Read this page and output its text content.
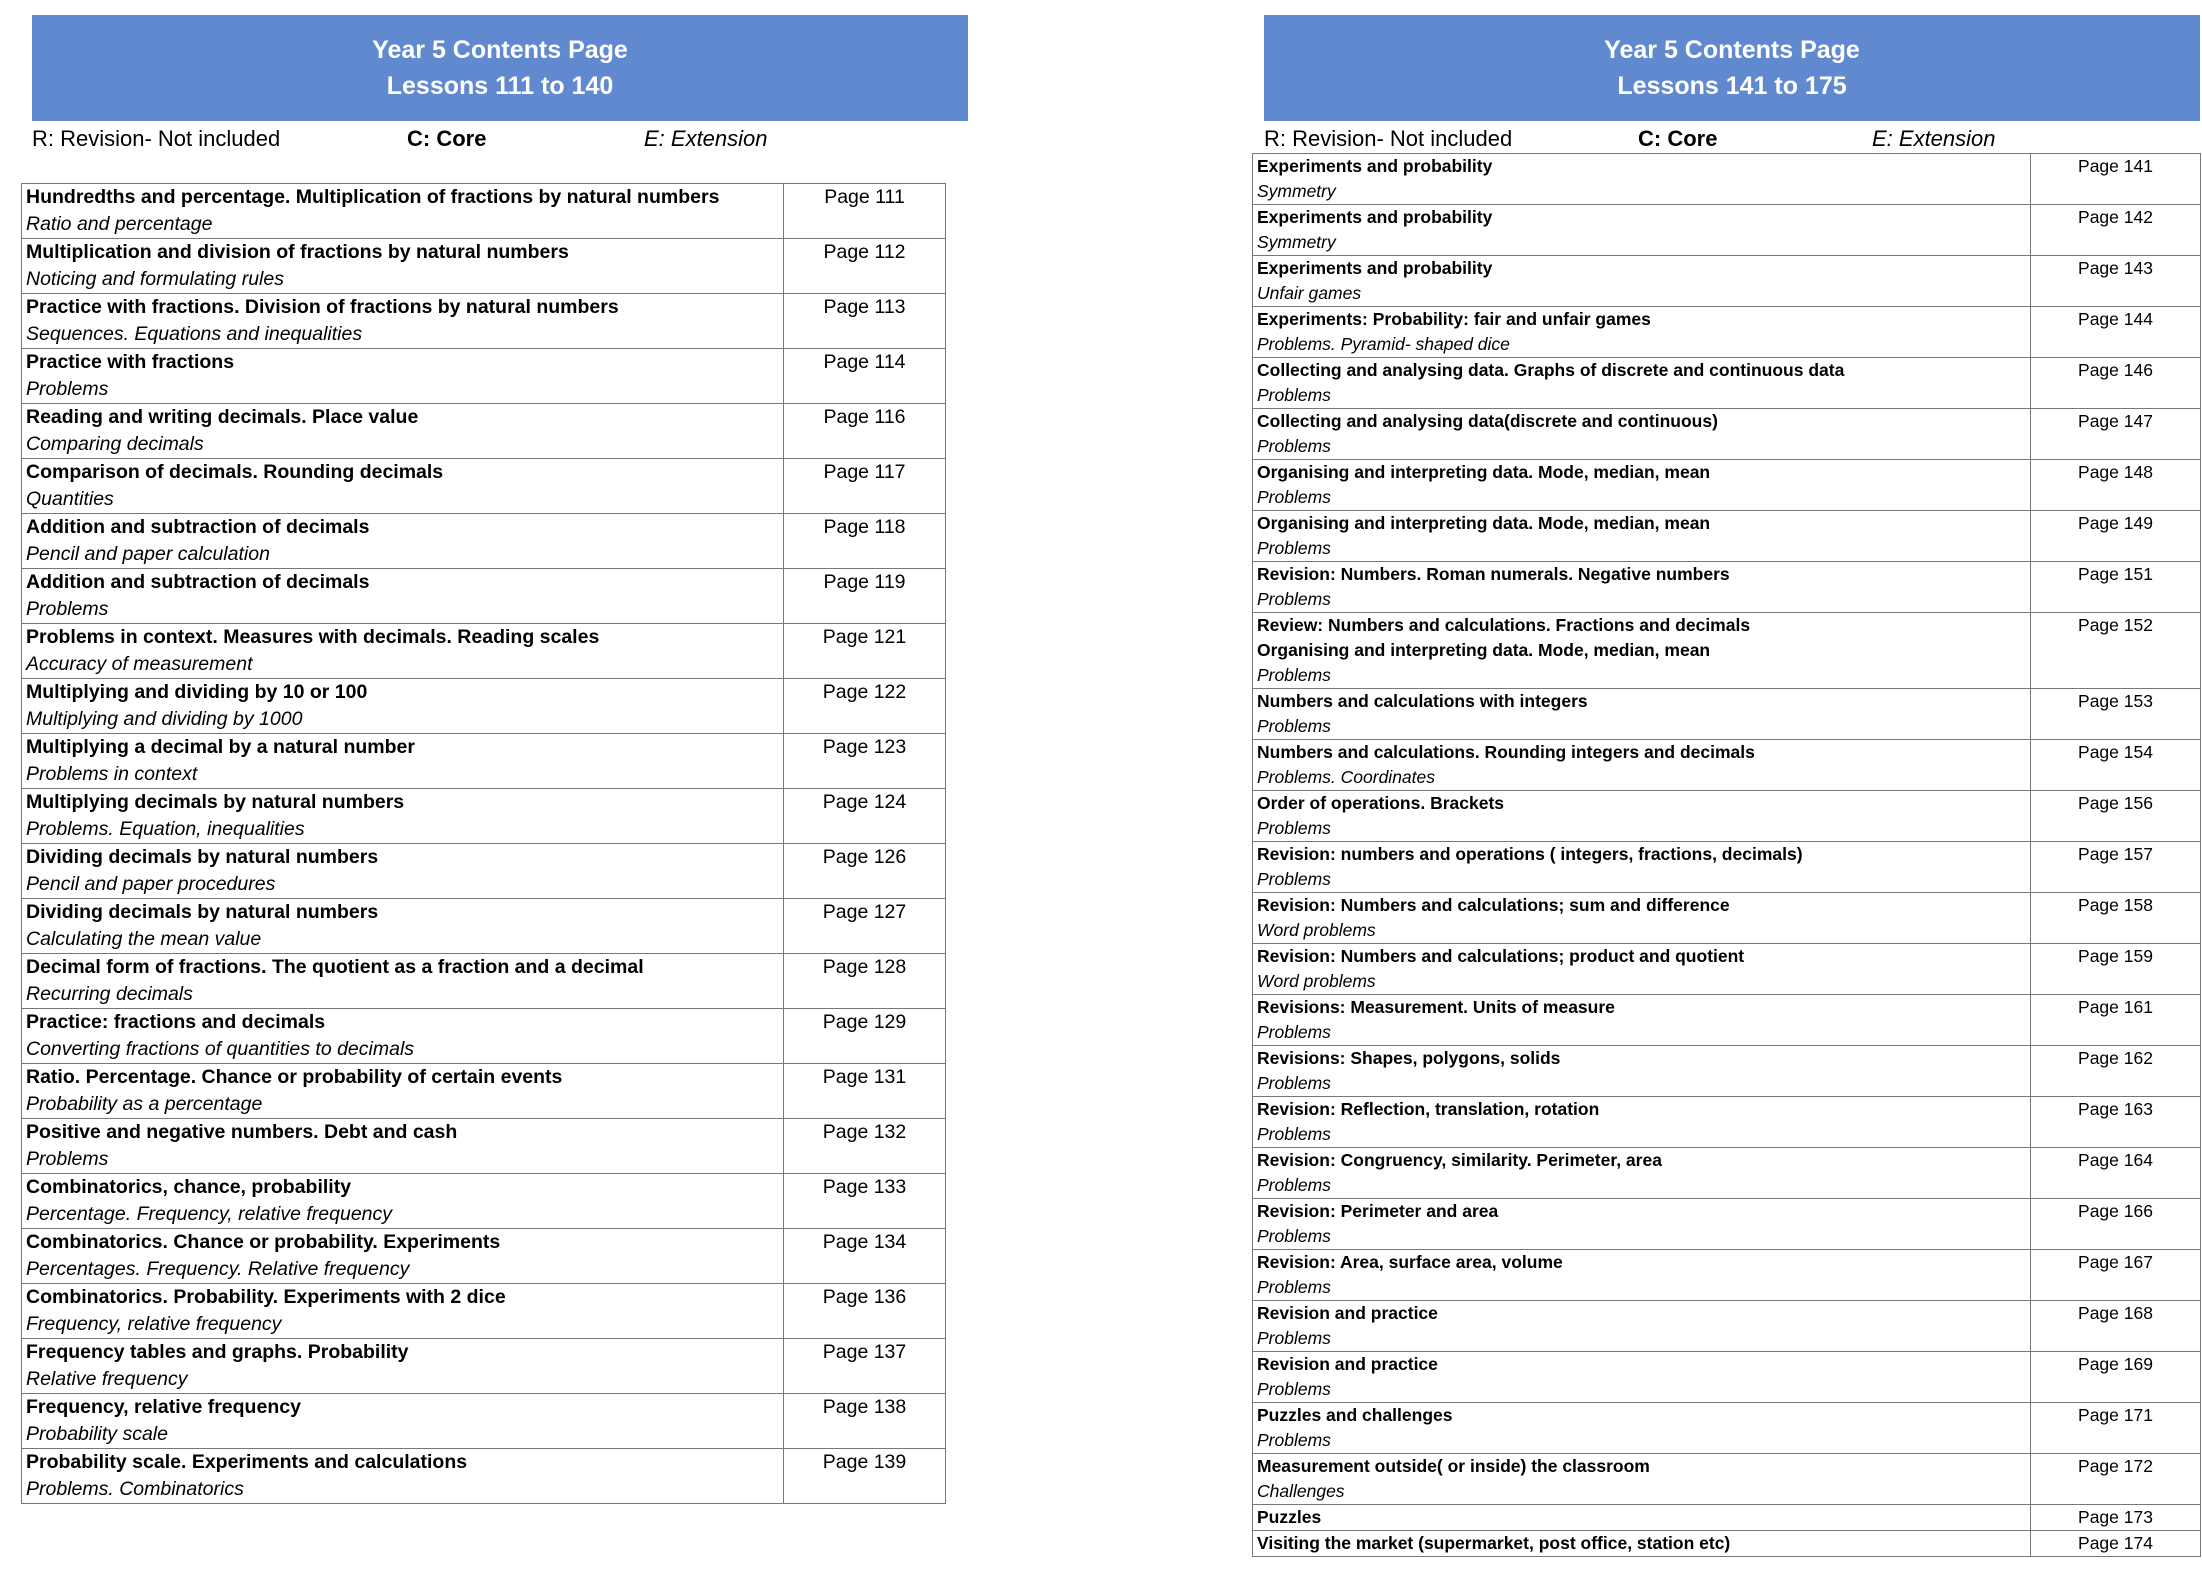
Year 5 Contents Page
Lessons 111 to 140
R: Revision- Not included	C: Core	E: Extension
Hundredths and percentage. Multiplication of fractions by natural numbers
Ratio and percentage	Page 111

Multiplication and division of fractions by natural numbers
Noticing and formulating rules	Page 112

Practice with fractions. Division of fractions by natural numbers
Sequences. Equations and inequalities	Page 113

Practice with fractions
Problems	Page 114

Reading and writing decimals. Place value
Comparing decimals	Page 116

Comparison of decimals. Rounding decimals
Quantities	Page 117

Addition and subtraction of decimals
Pencil and paper calculation	Page 118

Addition and subtraction of decimals
Problems	Page 119

Problems in context. Measures with decimals. Reading scales
Accuracy of measurement	Page 121

Multiplying and dividing by 10 or 100
Multiplying and dividing by 1000	Page 122

Multiplying a decimal by a natural number
Problems in context	Page 123

Multiplying decimals by natural numbers
Problems. Equation, inequalities	Page 124

Dividing decimals by natural numbers
Pencil and paper procedures	Page 126

Dividing decimals by natural numbers
Calculating the mean value	Page 127

Decimal form of fractions. The quotient as a fraction and a decimal
Recurring decimals	Page 128

Practice: fractions and decimals
Converting fractions of quantities to decimals	Page 129

Ratio. Percentage. Chance or probability of certain events
Probability as a percentage	Page 131

Positive and negative numbers. Debt and cash
Problems	Page 132

Combinatorics, chance, probability
Percentage. Frequency, relative frequency	Page 133

Combinatorics. Chance or probability. Experiments
Percentages. Frequency. Relative frequency	Page 134

Combinatorics. Probability. Experiments with 2 dice
Frequency, relative frequency	Page 136

Frequency tables and graphs. Probability
Relative frequency	Page 137

Frequency, relative frequency
Probability scale	Page 138

Probability scale. Experiments and calculations
Problems. Combinatorics	Page 139
Year 5 Contents Page
Lessons 141 to 175
R: Revision- Not included	C: Core	E: Extension
Experiments and probability
Symmetry	Page 141

Experiments and probability
Symmetry	Page 142

Experiments and probability
Unfair games	Page 143

Experiments: Probability: fair and unfair games
Problems. Pyramid- shaped dice	Page 144

Collecting and analysing data. Graphs of discrete and continuous data
Problems	Page 146

Collecting and analysing data(discrete and continuous)
Problems	Page 147

Organising and interpreting data. Mode, median, mean
Problems	Page 148

Organising and interpreting data. Mode, median, mean
Problems	Page 149

Revision: Numbers. Roman numerals. Negative numbers
Problems	Page 151

Review: Numbers and calculations. Fractions and decimals
Organising and interpreting data. Mode, median, mean
Problems	Page 152

Numbers and calculations with integers
Problems	Page 153

Numbers and calculations. Rounding integers and decimals
Problems. Coordinates	Page 154

Order of operations. Brackets
Problems	Page 156

Revision: numbers and operations ( integers, fractions, decimals)
Problems	Page 157

Revision: Numbers and calculations; sum and difference
Word problems	Page 158

Revision: Numbers and calculations; product and quotient
Word problems	Page 159

Revisions: Measurement. Units of measure
Problems	Page 161

Revisions: Shapes, polygons, solids
Problems	Page 162

Revision: Reflection, translation, rotation
Problems	Page 163

Revision: Congruency, similarity. Perimeter, area
Problems	Page 164

Revision: Perimeter and area
Problems	Page 166

Revision: Area, surface area, volume
Problems	Page 167

Revision and practice
Problems	Page 168

Revision and practice
Problems	Page 169

Puzzles and challenges
Problems	Page 171

Measurement outside( or inside) the classroom
Challenges	Page 172

Puzzles	Page 173

Visiting the market (supermarket, post office, station etc)	Page 174
